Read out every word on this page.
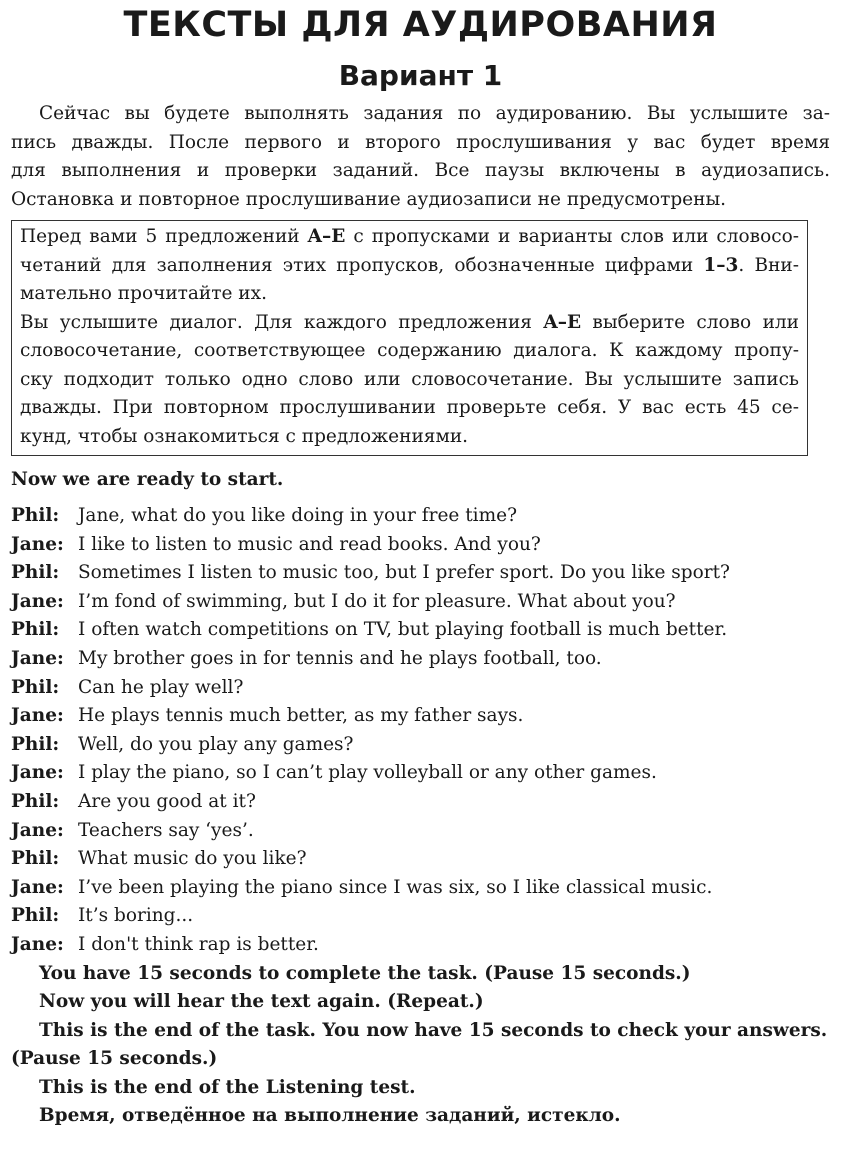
ТЕКСТЫ ДЛЯ АУДИРОВАНИЯ
Вариант 1
Сейчас вы будете выполнять задания по аудированию. Вы услышите за-
пись дважды. После первого и второго прослушивания у вас будет время
для выполнения и проверки заданий. Все паузы включены в аудиозапись.
Остановка и повторное прослушивание аудиозаписи не предусмотрены.
Перед вами 5 предложений A–E с пропусками и варианты слов или словосо-
четаний для заполнения этих пропусков, обозначенные цифрами 1–3. Вни-
мательно прочитайте их.
Вы услышите диалог. Для каждого предложения A–E выберите слово или
словосочетание, соответствующее содержанию диалога. К каждому пропу-
ску подходит только одно слово или словосочетание. Вы услышите запись
дважды. При повторном прослушивании проверьте себя. У вас есть 45 се-
кунд, чтобы ознакомиться с предложениями.
Now we are ready to start.
Phil:	Jane, what do you like doing in your free time?
Jane: I like to listen to music and read books. And you?
Phil:	Sometimes I listen to music too, but I prefer sport. Do you like sport?
Jane: I’m fond of swimming, but I do it for pleasure. What about you?
Phil:	I often watch competitions on TV, but playing football is much better.
Jane: My brother goes in for tennis and he plays football, too.
Phil:	Can he play well?
Jane: He plays tennis much better, as my father says.
Phil:	Well, do you play any games?
Jane: I play the piano, so I can’t play volleyball or any other games.
Phil:	Are you good at it?
Jane: Teachers say ‘yes’.
Phil:	What music do you like?
Jane: I’ve been playing the piano since I was six, so I like classical music.
Phil:	It’s boring...
Jane: I don't think rap is better.
You have 15 seconds to complete the task. (Pause 15 seconds.)
Now you will hear the text again. (Repeat.)
This is the end of the task. You now have 15 seconds to check your answers.
(Pause 15 seconds.)
This is the end of the Listening test.
Время, отведённое на выполнение заданий, истекло.
